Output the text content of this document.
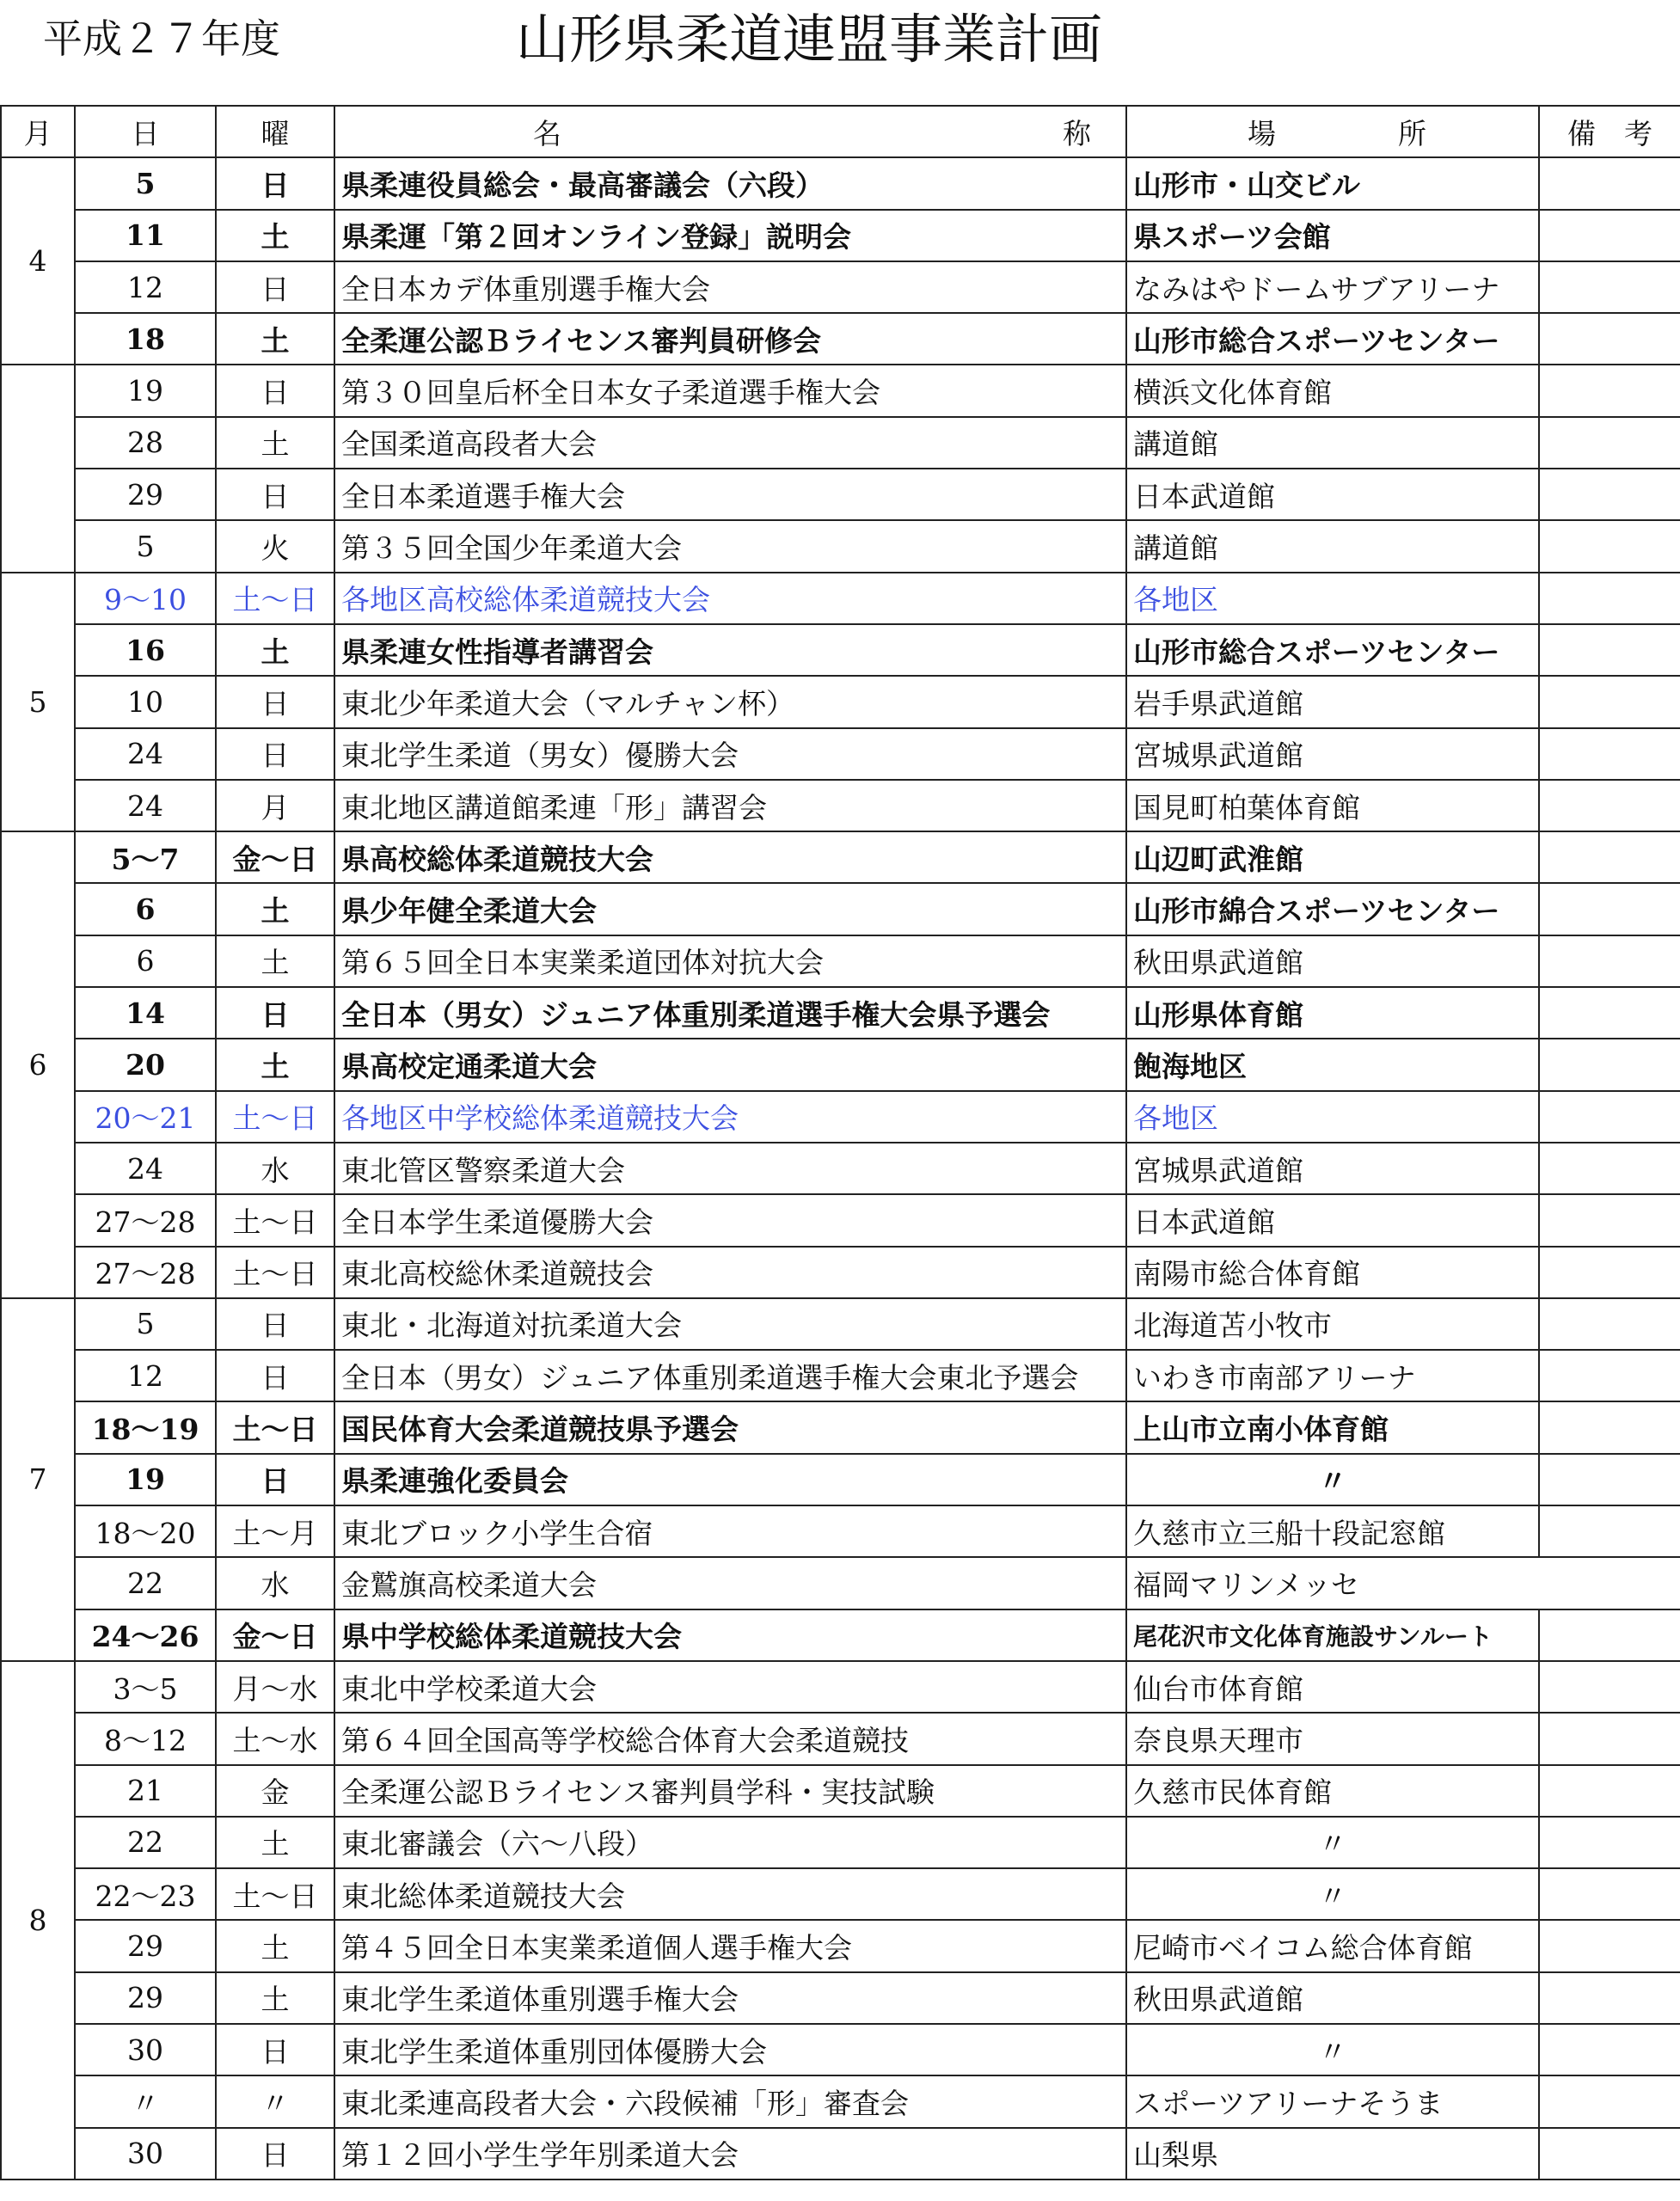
平成２７年度	山形県柔道連盟事業計画
月	日	曜	名 称	場 所	備　考
4	5	日	県柔連役員総会・最高審議会（六段）	山形市・山交ビル	
	11	土	県柔運「第２回オンライン登録」説明会	県スポーツ会館	
	12	日	全日本カデ体重別選手権大会	なみはやドームサブアリーナ	
	18	土	全柔運公認Ｂライセンス審判員研修会	山形市総合スポーツセンター	
	19	日	第３０回皇后杯全日本女子柔道選手権大会	横浜文化体育館	
	28	土	全国柔道高段者大会	講道館	
	29	日	全日本柔道選手権大会	日本武道館	
	5	火	第３５回全国少年柔道大会	講道館	
5	9～10	土～日	各地区高校総体柔道競技大会	各地区	
	16	土	県柔連女性指導者講習会	山形市総合スポーツセンター	
	10	日	東北少年柔道大会（マルチャン杯）	岩手県武道館	
	24	日	東北学生柔道（男女）優勝大会	宮城県武道館	
	24	月	東北地区講道館柔連「形」講習会	国見町柏葉体育館	
6	5～7	金～日	県高校総体柔道競技大会	山辺町武淮館	
	6	土	県少年健全柔道大会	山形市綿合スポーツセンター	
	6	土	第６５回全日本実業柔道団体対抗大会	秋田県武道館	
	14	日	全日本（男女）ジュニア体重別柔道選手権大会県予選会	山形県体育館	
	20	土	県高校定通柔道大会	飽海地区	
	20～21	土～日	各地区中学校総体柔道競技大会	各地区	
	24	水	東北管区警察柔道大会	宮城県武道館	
	27～28	土～日	全日本学生柔道優勝大会	日本武道館	
	27～28	土～日	東北高校総休柔道競技会	南陽市総合体育館	
7	5	日	東北・北海道対抗柔道大会	北海道苫小牧市	
	12	日	全日本（男女）ジュニア体重別柔道選手権大会東北予選会	いわき市南部アリーナ	
	18～19	土～日	国民体育大会柔道競技県予選会	上山市立南小体育館	
	19	日	県柔連強化委員会	〃	
	18～20	土～月	東北ブロック小学生合宿	久慈市立三船十段記窓館	
	22	水	金鷲旗高校柔道大会	福岡マリンメッセ	
	24～26	金～日	県中学校総体柔道競技大会	尾花沢市文化体育施設サンルート	
8	3～5	月～水	東北中学校柔道大会	仙台市体育館	
	8～12	土～水	第６４回全国高等学校総合体育大会柔道競技	奈良県天理市	
	21	金	全柔運公認Ｂライセンス審判員学科・実技試験	久慈市民体育館	
	22	土	東北審議会（六～八段）	〃	
	22～23	土～日	東北総体柔道競技大会	〃	
	29	土	第４５回全日本実業柔道個人選手権大会	尼崎市ベイコム総合体育館	
	29	土	東北学生柔道体重別選手権大会	秋田県武道館	
	30	日	東北学生柔道体重別団体優勝大会	〃	
	〃	〃	東北柔連高段者大会・六段候補「形」審査会	スポーツアリーナそうま	
	30	日	第１２回小学生学年別柔道大会	山梨県	
